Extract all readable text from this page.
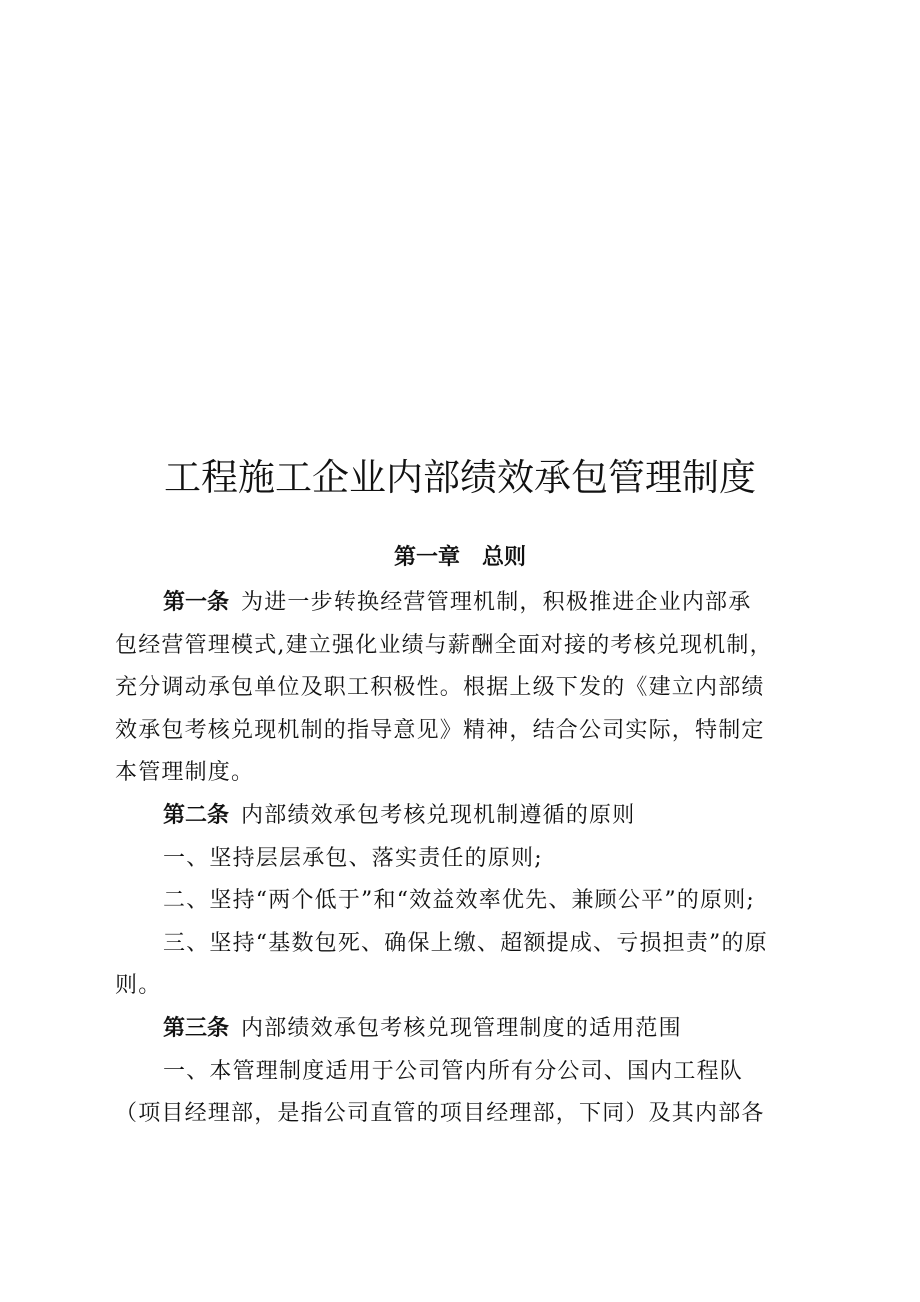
工程施工企业内部绩效承包管理制度
第一章　总则
第一条 为进一步转换经营管理机制，积极推进企业内部承
包经营管理模式,建立强化业绩与薪酬全面对接的考核兑现机制，
充分调动承包单位及职工积极性。根据上级下发的《建立内部绩
效承包考核兑现机制的指导意见》精神，结合公司实际，特制定
本管理制度。
第二条 内部绩效承包考核兑现机制遵循的原则
一、坚持层层承包、落实责任的原则;
二、坚持“两个低于”和“效益效率优先、兼顾公平”的原则;
三、坚持“基数包死、确保上缴、超额提成、亏损担责”的原
则。
第三条 内部绩效承包考核兑现管理制度的适用范围
一、本管理制度适用于公司管内所有分公司、国内工程队
（项目经理部，是指公司直管的项目经理部，下同）及其内部各
